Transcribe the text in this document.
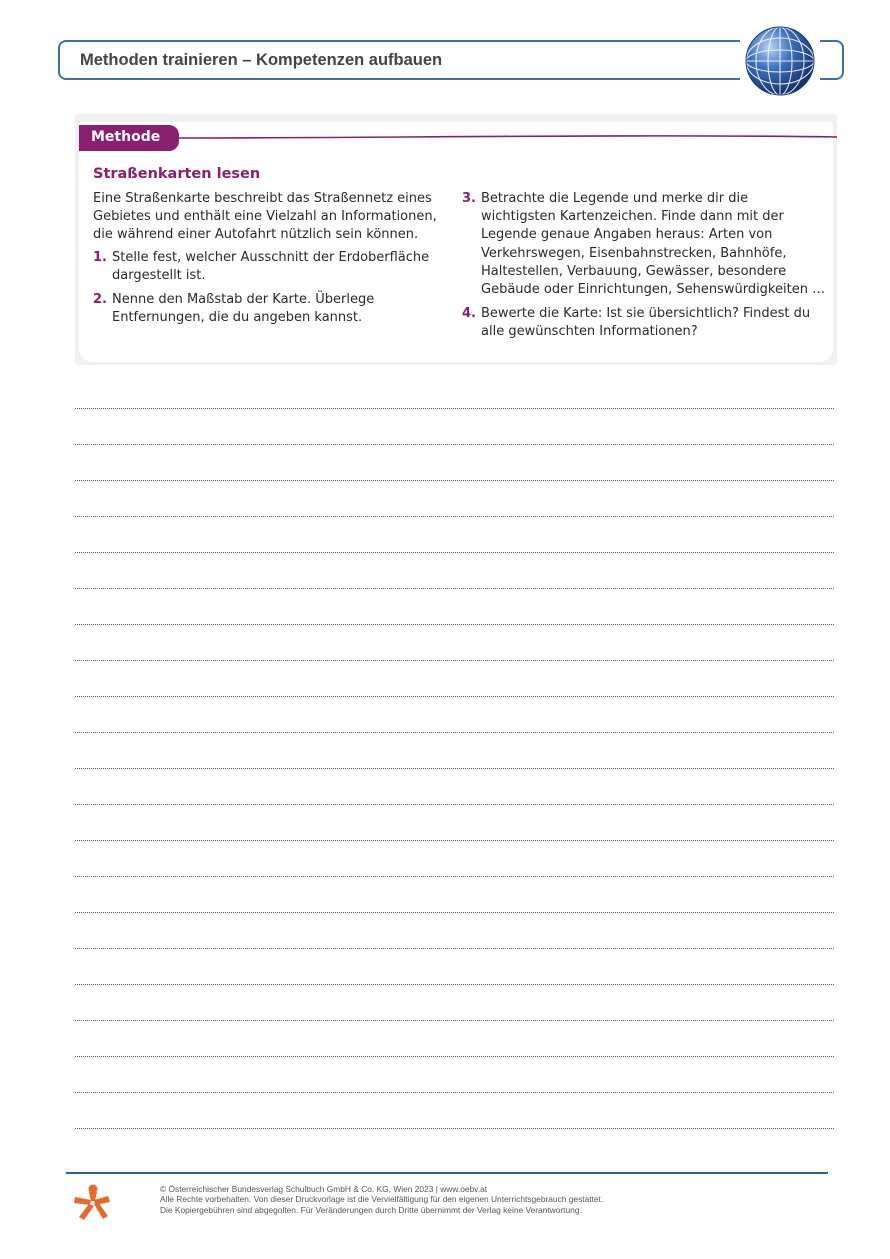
Methoden trainieren – Kompetenzen aufbauen
Methode
Straßenkarten lesen
Eine Straßenkarte beschreibt das Straßennetz eines
Gebietes und enthält eine Vielzahl an Informationen,
die während einer Autofahrt nützlich sein können.
1. Stelle fest, welcher Ausschnitt der Erdoberfläche
dargestellt ist.
2. Nenne den Maßstab der Karte. Überlege
Entfernungen, die du angeben kannst.
3. Betrachte die Legende und merke dir die
wichtigsten Kartenzeichen. Finde dann mit der
Legende genaue Angaben heraus: Arten von
Verkehrswegen, Eisenbahnstrecken, Bahnhöfe,
Haltestellen, Verbauung, Gewässer, besondere
Gebäude oder Einrichtungen, Sehenswürdigkeiten …
4. Bewerte die Karte: Ist sie übersichtlich? Findest du
alle gewünschten Informationen?
© Österreichischer Bundesverlag Schulbuch GmbH & Co. KG, Wien 2023 | www.oebv.at
Alle Rechte vorbehalten. Von dieser Druckvorlage ist die Vervielfältigung für den eigenen Unterrichtsgebrauch gestattet.
Die Kopiergebühren sind abgegolten. Für Veränderungen durch Dritte übernimmt der Verlag keine Verantwortung.
